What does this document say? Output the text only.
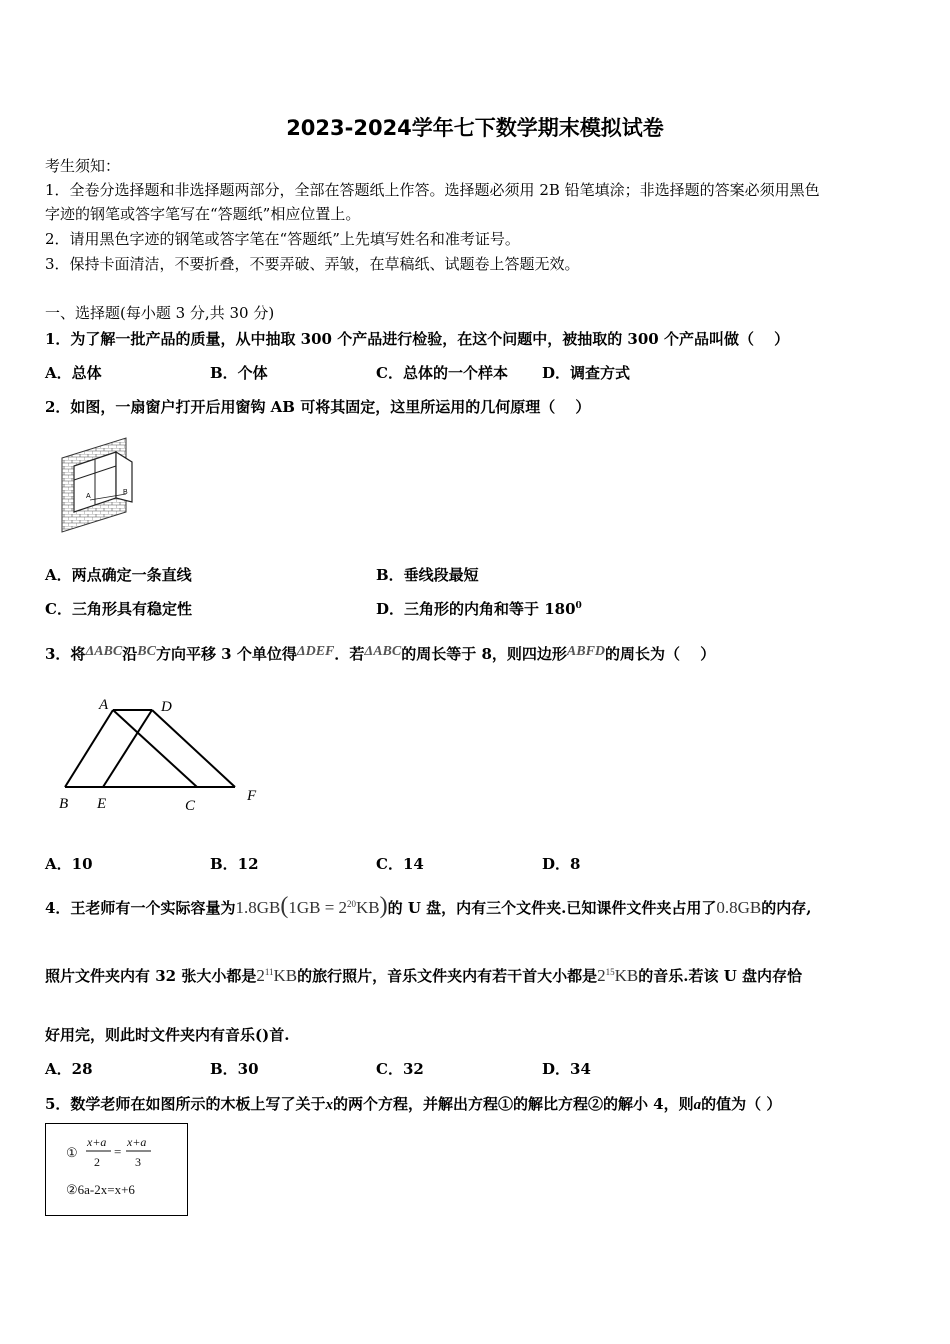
2023-2024学年七下数学期末模拟试卷
考生须知：
1．全卷分选择题和非选择题两部分，全部在答题纸上作答。选择题必须用 2B 铅笔填涂；非选择题的答案必须用黑色
字迹的钢笔或答字笔写在“答题纸”相应位置上。
2．请用黑色字迹的钢笔或答字笔在“答题纸”上先填写姓名和准考证号。
3．保持卡面清洁，不要折叠，不要弄破、弄皱，在草稿纸、试题卷上答题无效。
一、选择题(每小题 3 分,共 30 分)
1．为了解一批产品的质量，从中抽取 300 个产品进行检验，在这个问题中，被抽取的 300 个产品叫做（　 ）
A．总体	B．个体	C．总体的一个样本 D．调查方式
2．如图，一扇窗户打开后用窗钩 AB 可将其固定，这里所运用的几何原理（　 ）
A
B
A．两点确定一条直线	B．垂线段最短
C．三角形具有稳定性	D．三角形的内角和等于 $180^0$
3．将ΔABC沿BC方向平移 3 个单位得ΔDEF．若ΔABC的周长等于 8，则四边形ABFD的周长为（　 ）
A	D
B E	C
F
A．10	B．12	C．14	D．8
4．王老师有一个实际容量为$1.8GB(1GB = 2^{20}KB)$的 U 盘，内有三个文件夹.已知课件文件夹占用了0.8GB的内存,
照片文件夹内有 32 张大小都是$2^{11}KB$的旅行照片，音乐文件夹内有若干首大小都是$2^{15}KB$的音乐.若该 U 盘内存恰
好用完，则此时文件夹内有音乐()首.
A．28	B．30	C．32	D．34
5．数学老师在如图所示的木板上写了关于x的两个方程，并解出方程①的解比方程②的解小 4，则a的值为（ ）
①
x+a
2
=
x+a
3
②6a-2x=x+6
